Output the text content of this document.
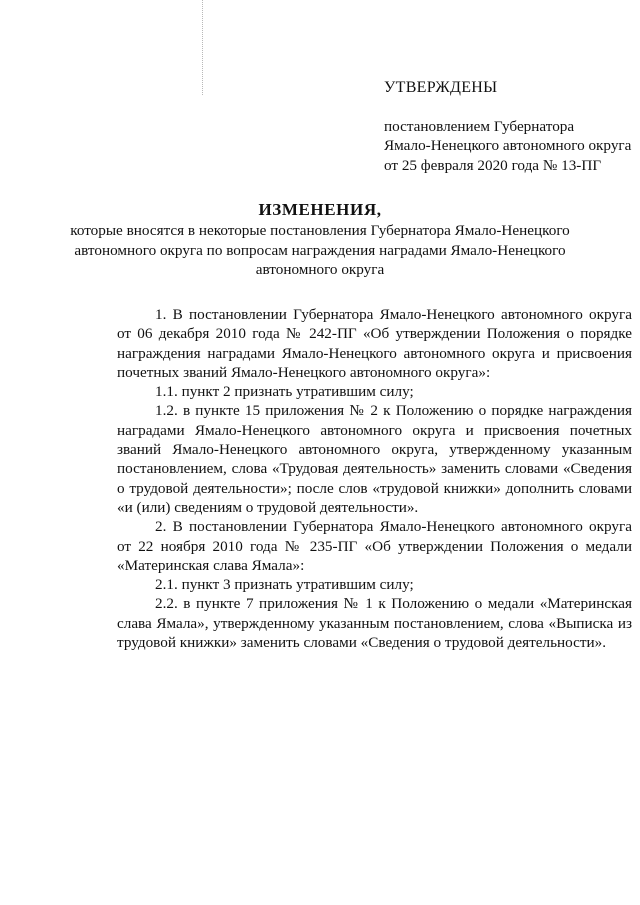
УТВЕРЖДЕНЫ
постановлением Губернатора
Ямало-Ненецкого автономного округа
от 25 февраля 2020 года № 13-ПГ
ИЗМЕНЕНИЯ,
которые вносятся в некоторые постановления Губернатора Ямало-Ненецкого автономного округа по вопросам награждения наградами Ямало-Ненецкого автономного округа

1. В постановлении Губернатора Ямало-Ненецкого автономного округа от 06 декабря 2010 года № 242-ПГ «Об утверждении Положения о порядке награждения наградами Ямало-Ненецкого автономного округа и присвоения почетных званий Ямало-Ненецкого автономного округа»:

1.1. пункт 2 признать утратившим силу;

1.2. в пункте 15 приложения № 2 к Положению о порядке награждения наградами Ямало-Ненецкого автономного округа и присвоения почетных званий Ямало-Ненецкого автономного округа, утвержденному указанным постановлением, слова «Трудовая деятельность» заменить словами «Сведения о трудовой деятельности»; после слов «трудовой книжки» дополнить словами «и (или) сведениям о трудовой деятельности».

2. В постановлении Губернатора Ямало-Ненецкого автономного округа от 22 ноября 2010 года № 235-ПГ «Об утверждении Положения о медали «Материнская слава Ямала»:

2.1. пункт 3 признать утратившим силу;

2.2. в пункте 7 приложения № 1 к Положению о медали «Материнская слава Ямала», утвержденному указанным постановлением, слова «Выписка из трудовой книжки» заменить словами «Сведения о трудовой деятельности».
